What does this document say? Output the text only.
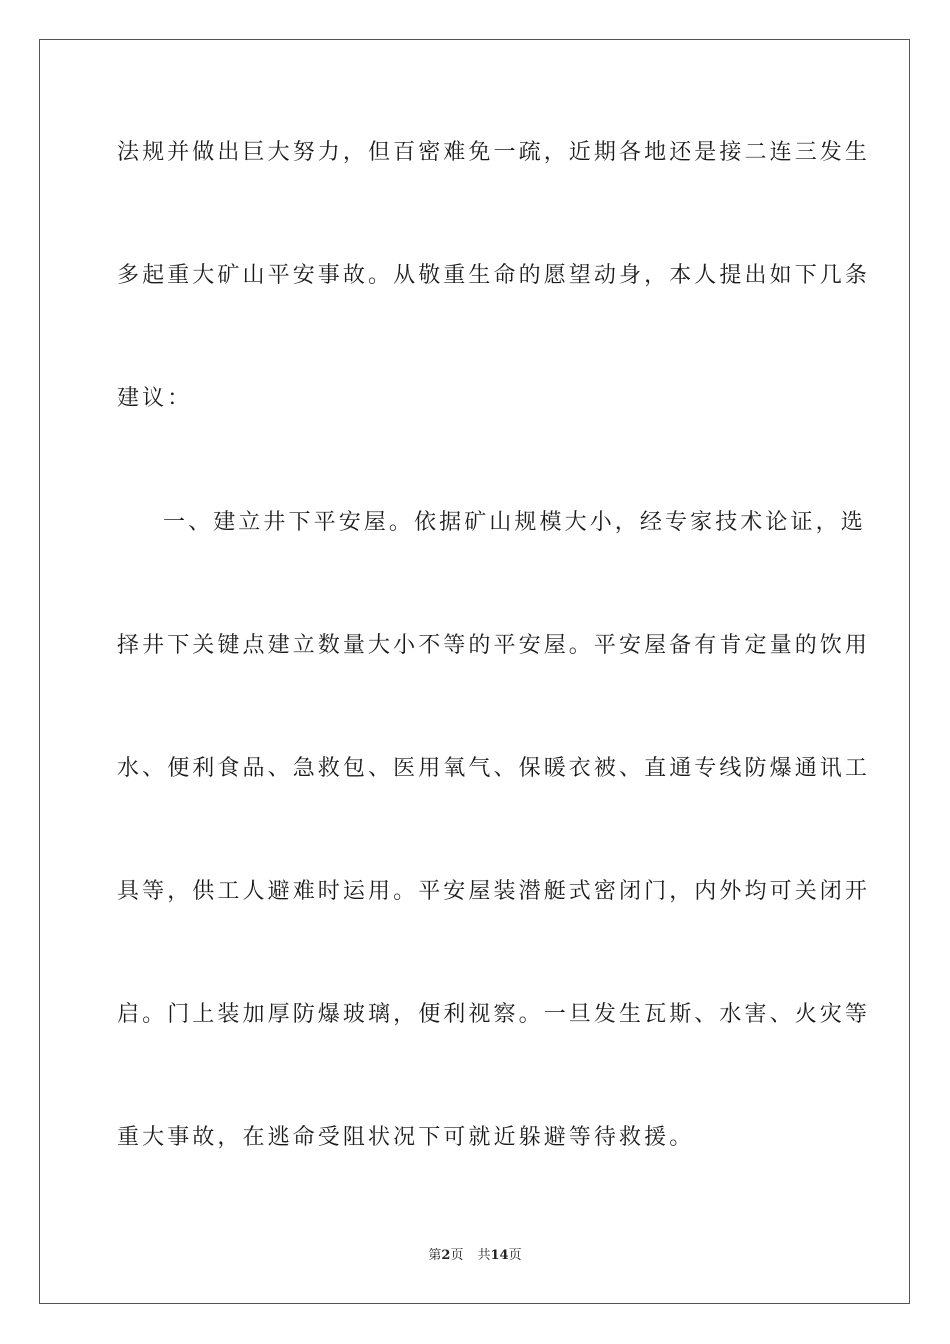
法规并做出巨大努力，但百密难免一疏，近期各地还是接二连三发生
多起重大矿山平安事故。从敬重生命的愿望动身，本人提出如下几条
建议：
一、建立井下平安屋。依据矿山规模大小，经专家技术论证，选
择井下关键点建立数量大小不等的平安屋。平安屋备有肯定量的饮用
水、便利食品、急救包、医用氧气、保暖衣被、直通专线防爆通讯工
具等，供工人避难时运用。平安屋装潜艇式密闭门，内外均可关闭开
启。门上装加厚防爆玻璃，便利视察。一旦发生瓦斯、水害、火灾等
重大事故，在逃命受阻状况下可就近躲避等待救援。
第2页 共14页
